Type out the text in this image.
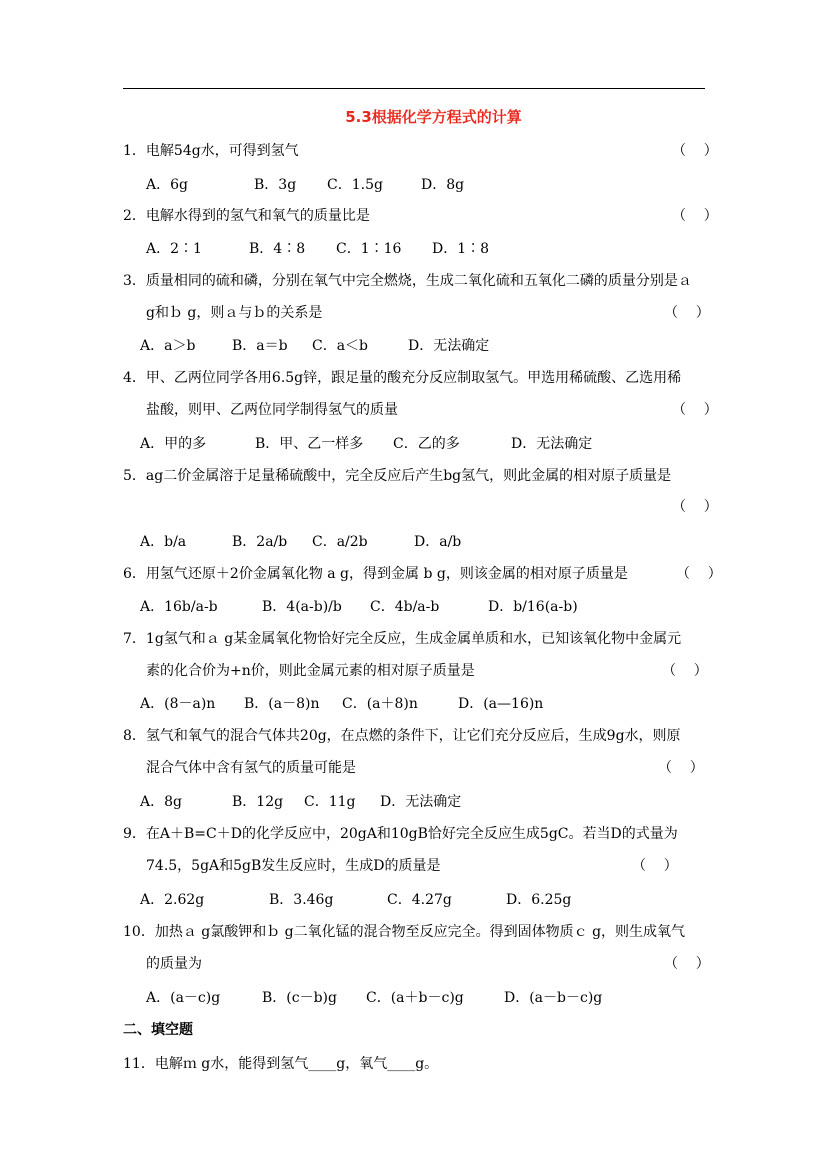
5.3根据化学方程式的计算
1．电解54g水，可得到氢气	（    ）
A．6g	B．3g C．1.5g	D．8g
2．电解水得到的氢气和氧气的质量比是	（    ）
A．2∶1	B．4∶8 C．1∶16 D．1∶8
3．质量相同的硫和磷，分别在氧气中完全燃烧，生成二氧化硫和五氧化二磷的质量分别是ａ
g和ｂ g，则ａ与ｂ的关系是	（    ）
A．a＞b	B．a＝b C．a＜b	D．无法确定
4．甲、乙两位同学各用6.5g锌，跟足量的酸充分反应制取氢气。甲选用稀硫酸、乙选用稀
盐酸，则甲、乙两位同学制得氢气的质量	（    ）
A．甲的多	B．甲、乙一样多 C．乙的多	D．无法确定
5．ag二价金属溶于足量稀硫酸中，完全反应后产生bg氢气，则此金属的相对原子质量是
（    ）
A．b/a	B．2a/b C．a/2b	D．a/b
6．用氢气还原＋2价金属氧化物 a g，得到金属 b g，则该金属的相对原子质量是	（    ）
A．16b/a-b	B．4(a-b)/b C．4b/a-b	D．b/16(a-b)
7．1g氢气和ａ g某金属氧化物恰好完全反应，生成金属单质和水，已知该氧化物中金属元
素的化合价为+n价，则此金属元素的相对原子质量是	（    ）
A．(8－a)n B．(a－8)n C．(a＋8)n	D．(a—16)n
8．氢气和氧气的混合气体共20g，在点燃的条件下，让它们充分反应后，生成9g水，则原
混合气体中含有氢气的质量可能是	（    ）
A．8g	B．12g C．11g D．无法确定
9．在A＋B=C＋D的化学反应中，20gA和10gB恰好完全反应生成5gC。若当D的式量为
74.5，5gA和5gB发生反应时，生成D的质量是	（    ）
A．2.62g	B．3.46g	C．4.27g	D．6.25g
10．加热ａ g氯酸钾和ｂ g二氧化锰的混合物至反应完全。得到固体物质ｃ g，则生成氧气
的质量为	（    ）
A．(a－c)g	B．(c－b)g C．(a＋b－c)g	D．(a－b－c)g
二、填空题
11．电解ｍ g水，能得到氢气____g，氧气____g。
